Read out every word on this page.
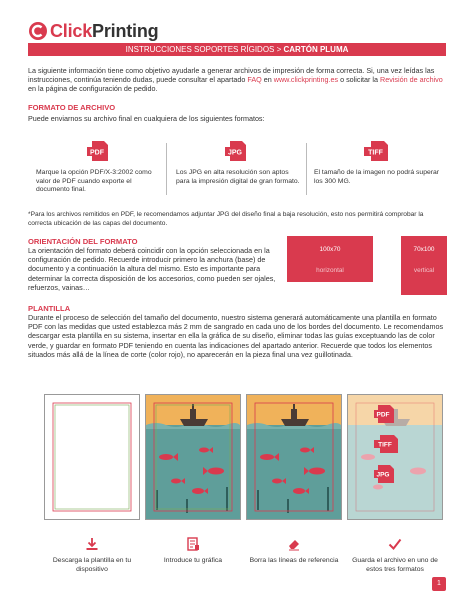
ClickPrinting
INSTRUCCIONES SOPORTES RÍGIDOS > CARTÓN PLUMA
La siguiente información tiene como objetivo ayudarle a generar archivos de impresión de forma correcta. Si, una vez leídas las instrucciones, continúa teniendo dudas, puede consultar el apartado FAQ en www.clickprinting.es o solicitar la Revisión de archivo en la página de configuración de pedido.
FORMATO DE ARCHIVO
Puede enviarnos su archivo final en cualquiera de los siguientes formatos:
PDF
Marque la opción PDF/X-3:2002 como valor de PDF cuando exporte el documento final.
JPG
Los JPG en alta resolución son aptos para la impresión digital de gran formato.
TIFF
El tamaño de la imagen no podrá superar los 300 MG.
*Para los archivos remitidos en PDF, le recomendamos adjuntar JPG del diseño final a baja resolución, esto nos permitirá comprobar la correcta ubicación de las capas del documento.
ORIENTACIÓN DEL FORMATO
La orientación del formato deberá coincidir con la opción seleccionada en la configuración de pedido. Recuerde introducir primero la anchura (base) de documento y a continuación la altura del mismo. Esto es importante para determinar la correcta disposición de los accesorios, como pueden ser ojales, refuerzos, vainas…
100x70
horizontal
70x100
vertical
PLANTILLA
Durante el proceso de selección del tamaño del documento, nuestro sistema generará automáticamente una plantilla en formato PDF con las medidas que usted establezca más 2 mm de sangrado en cada uno de los bordes del documento. Le recomendamos descargar esta plantilla en su sistema, insertar en ella la gráfica de su diseño, eliminar todas las guías exceptuando las de color verde, y guardar en formato PDF teniendo en cuenta las indicaciones del apartado anterior. Recuerde que todos los elementos situados más allá de la línea de corte (color rojo), no aparecerán en la pieza final una vez guillotinada.
PDF
TIFF
JPG
Descarga la plantilla en tu dispositivo
Introduce tu gráfica	Borra las líneas de referencia	Guarda el archivo en uno de estos tres formatos
1
